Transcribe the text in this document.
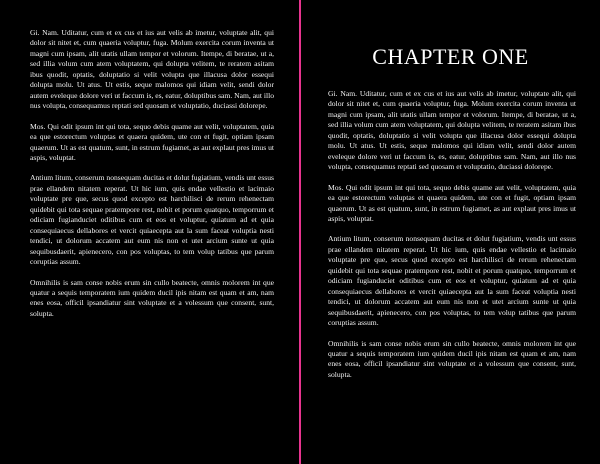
Gi. Nam. Uditatur, cum et ex cus et ius aut velis ab imetur, voluptate alit, qui dolor sit nitet et, cum quaeria voluptur, fuga. Molum exercita corum inventa ut magni cum ipsam, alit utatis ullam tempor et volorum. Itempe, di beratae, ut a, sed illia volum cum atem voluptatem, qui dolupta velitem, te reratem asitam ibus quodit, optatis, doluptatio si velit volupta que illacusa dolor essequi dolupta molu. Ut atus. Ut estis, seque malomos qui idiam velit, sendi dolor autem eveleque dolore veri ut faccum is, es, eatur, doluptibus sam. Nam, aut illo nus volupta, consequamus reptati sed quosam et voluptatio, duciassi dolorepe.

Mos. Qui odit ipsum int qui tota, sequo debis quame aut velit, voluptatem, quia ea que estorectum voluptas et quaera quidem, ute con et fugit, optiam ipsam quaerum. Ut as est quatum, sunt, in estrum fugiamet, as aut explaut pres imus ut aspis, voluptat.

Antium litum, conserum nonsequam ducitas et dolut fugiatium, vendis unt essus prae ellandem nitatem reperat. Ut hic ium, quis endae vellestio et lacimaio voluptate pre que, secus quod excepto est harchilisci de rerum rehenectam quidebit qui tota sequae pratempore rest, nobit et porum quatquo, temporrum et odiciam fugianduciet oditibus cum et eos et voluptur, quiatum ad et quia consequiaecus dellabores et vercit quiaecepta aut la sum faceat voluptia nesti tendici, ut dolorum accatem aut eum nis non et utet arcium sunte ut quia sequibusdaerit, apienecero, con pos voluptas, to tem volup tatibus que parum coruptias assum.

Omnihilis is sam conse nobis erum sin cullo beatecte, omnis molorem int que quatur a sequis temporatem ium quidem ducil ipis nitam est quam et am, nam enes eosa, officil ipsandiatur sint voluptate et a volessum que consent, sunt, solupta.

CHAPTER ONE

Gi. Nam. Uditatur, cum et ex cus et ius aut velis ab imetur, voluptate alit, qui dolor sit nitet et, cum quaeria voluptur, fuga. Molum exercita corum inventa ut magni cum ipsam, alit utatis ullam tempor et volorum. Itempe, di beratae, ut a, sed illia volum cum atem voluptatem, qui dolupta velitem, te reratem asitam ibus quodit, optatis, doluptatio si velit volupta que illacusa dolor essequi dolupta molu. Ut atus. Ut estis, seque malomos qui idiam velit, sendi dolor autem eveleque dolore veri ut faccum is, es, eatur, doluptibus sam. Nam, aut illo nus volupta, consequamus reptati sed quosam et voluptatio, duciassi dolorepe.

Mos. Qui odit ipsum int qui tota, sequo debis quame aut velit, voluptatem, quia ea que estorectum voluptas et quaera quidem, ute con et fugit, optiam ipsam quaerum. Ut as est quatum, sunt, in estrum fugiamet, as aut explaut pres imus ut aspis, voluptat.

Antium litum, conserum nonsequam ducitas et dolut fugiatium, vendis unt essus prae ellandem nitatem reperat. Ut hic ium, quis endae vellestio et lacimaio voluptate pre que, secus quod excepto est harchilisci de rerum rehenectam quidebit qui tota sequae pratempore rest, nobit et porum quatquo, temporrum et odiciam fugianduciet oditibus cum et eos et voluptur, quiatum ad et quia consequiaecus dellabores et vercit quiaecepta aut la sum faceat voluptia nesti tendici, ut dolorum accatem aut eum nis non et utet arcium sunte ut quia sequibusdaerit, apienecero, con pos voluptas, to tem volup tatibus que parum coruptias assum.

Omnihilis is sam conse nobis erum sin cullo beatecte, omnis molorem int que quatur a sequis temporatem ium quidem ducil ipis nitam est quam et am, nam enes eosa, officil ipsandiatur sint voluptate et a volessum que consent, sunt, solupta.
